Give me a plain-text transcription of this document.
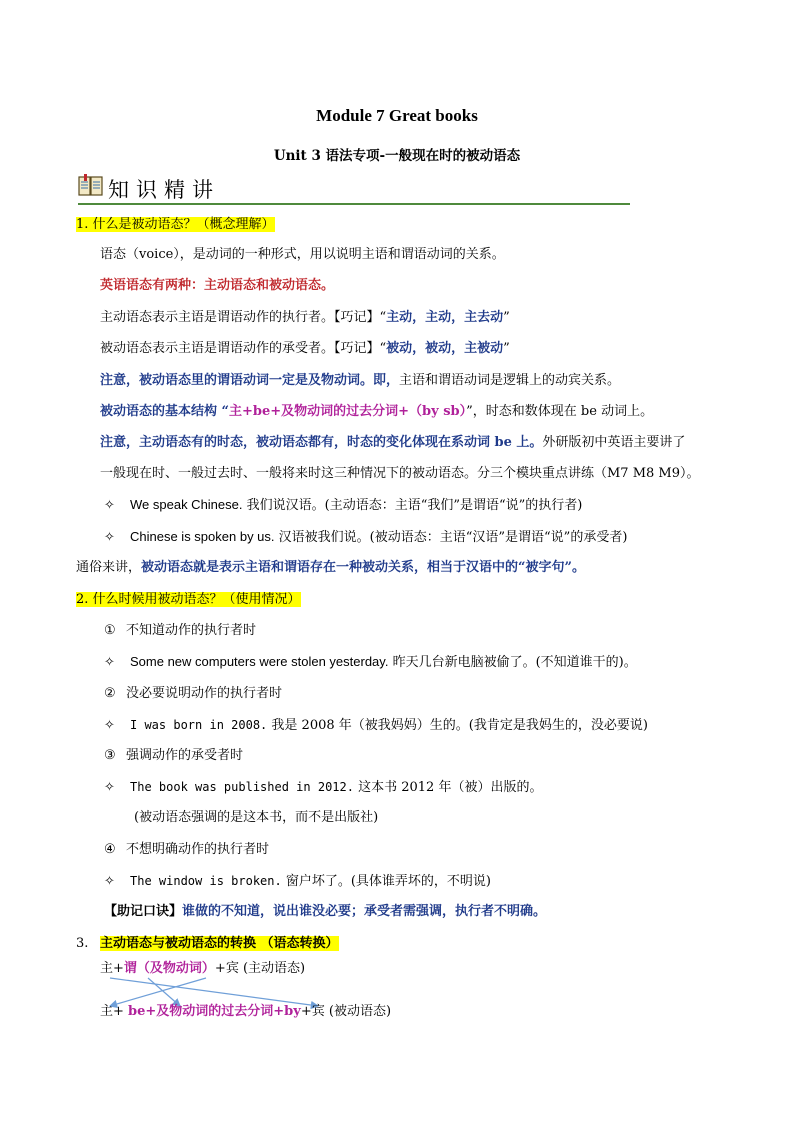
Module 7 Great books
Unit 3 语法专项-一般现在时的被动语态
知识精讲
1. 什么是被动语态？（概念理解）
语态（voice），是动词的一种形式，用以说明主语和谓语动词的关系。
英语语态有两种：主动语态和被动语态。
主动语态表示主语是谓语动作的执行者。【巧记】“主动，主动，主去动”
被动语态表示主语是谓语动作的承受者。【巧记】“被动，被动，主被动”
注意，被动语态里的谓语动词一定是及物动词。即，主语和谓语动词是逻辑上的动宾关系。
被动语态的基本结构 “主+be+及物动词的过去分词+（by sb）”，时态和数体现在 be 动词上。
注意，主动语态有的时态，被动语态都有，时态的变化体现在系动词 be 上。外研版初中英语主要讲了
一般现在时、一般过去时、一般将来时这三种情况下的被动语态。分三个模块重点讲练（M7 M8 M9）。
✧ We speak Chinese. 我们说汉语。(主动语态：主语“我们”是谓语“说”的执行者)
✧ Chinese is spoken by us. 汉语被我们说。(被动语态：主语“汉语”是谓语“说”的承受者)
通俗来讲，被动语态就是表示主语和谓语存在一种被动关系，相当于汉语中的“被字句”。
2. 什么时候用被动语态？（使用情况）
① 不知道动作的执行者时
✧ Some new computers were stolen yesterday. 昨天几台新电脑被偷了。(不知道谁干的)。
② 没必要说明动作的执行者时
✧ I was born in 2008. 我是 2008 年（被我妈妈）生的。(我肯定是我妈生的，没必要说)
③ 强调动作的承受者时
✧ The book was published in 2012. 这本书 2012 年（被）出版的。
(被动语态强调的是这本书，而不是出版社)
④ 不想明确动作的执行者时
✧ The window is broken. 窗户坏了。(具体谁弄坏的，不明说)
【助记口诀】谁做的不知道，说出谁没必要；承受者需强调，执行者不明确。
3. 主动语态与被动语态的转换 （语态转换）
主+谓（及物动词）+宾 (主动语态)
主+ be+及物动词的过去分词+by+宾 (被动语态)
